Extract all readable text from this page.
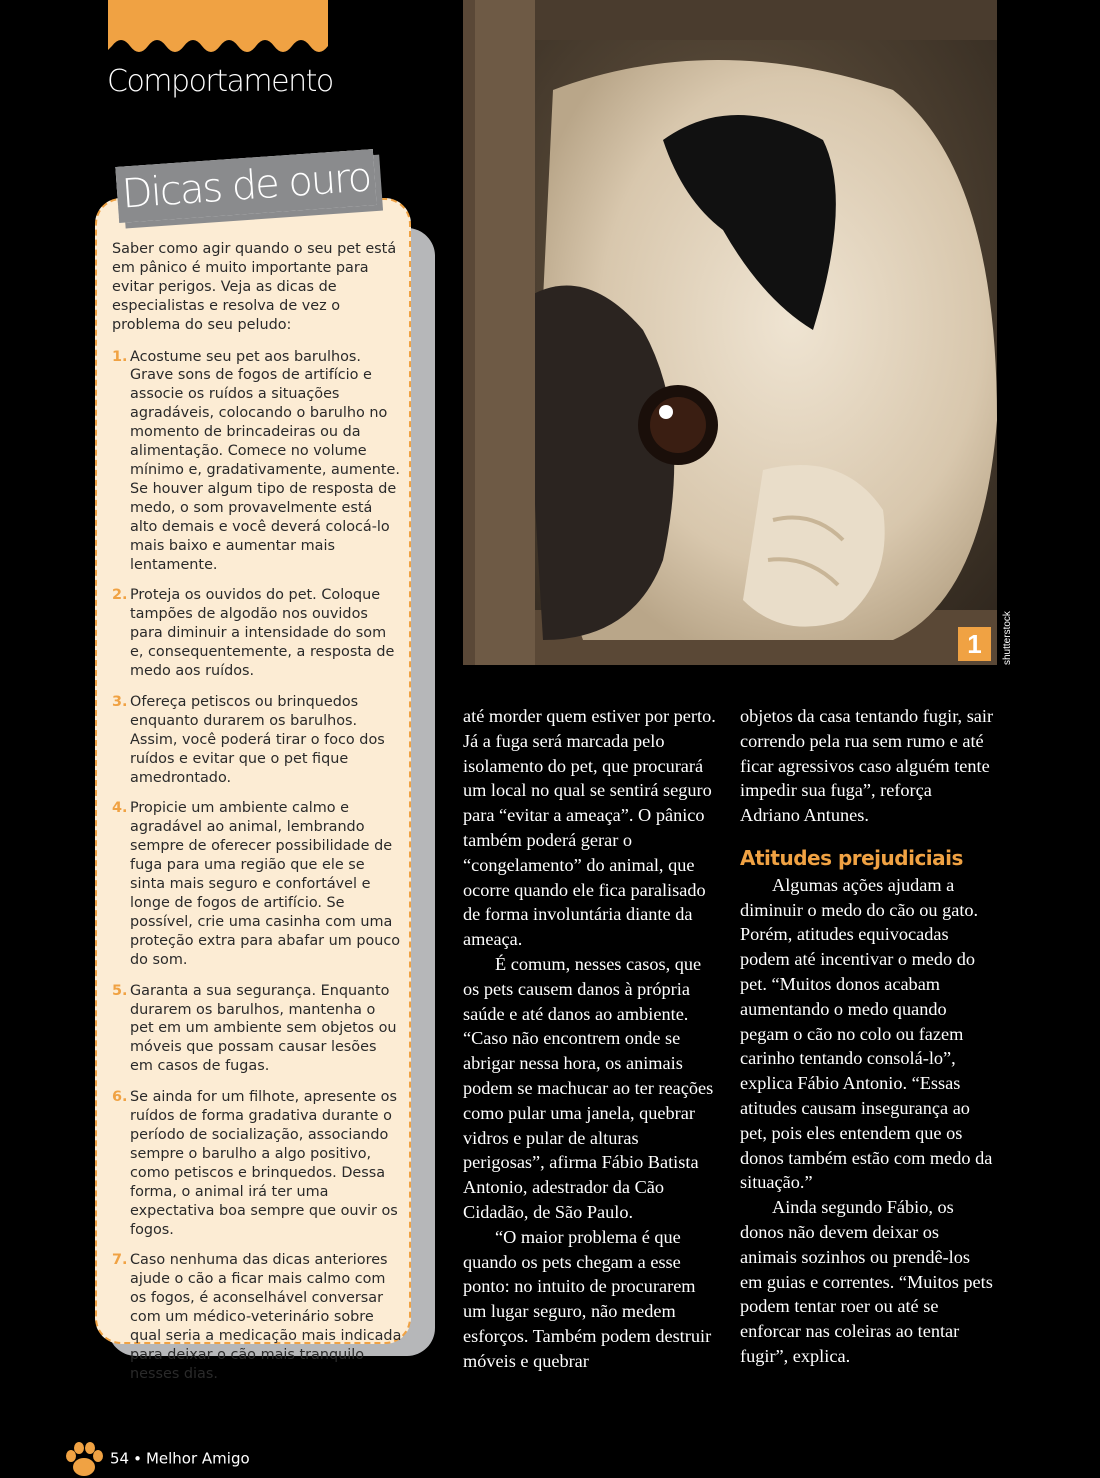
Comportamento
Dicas de ouro

Saber como agir quando o seu pet está em pânico é muito importante para evitar perigos. Veja as dicas de especialistas e resolva de vez o problema do seu peludo:

1. Acostume seu pet aos barulhos. Grave sons de fogos de artifício e associe os ruídos a situações agradáveis, colocando o barulho no momento de brincadeiras ou da alimentação. Comece no volume mínimo e, gradativamente, aumente. Se houver algum tipo de resposta de medo, o som provavelmente está alto demais e você deverá colocá-lo mais baixo e aumentar mais lentamente.
2. Proteja os ouvidos do pet. Coloque tampões de algodão nos ouvidos para diminuir a intensidade do som e, consequentemente, a resposta de medo aos ruídos.
3. Ofereça petiscos ou brinquedos enquanto durarem os barulhos. Assim, você poderá tirar o foco dos ruídos e evitar que o pet fique amedrontado.
4. Propicie um ambiente calmo e agradável ao animal, lembrando sempre de oferecer possibilidade de fuga para uma região que ele se sinta mais seguro e confortável e longe de fogos de artifício. Se possível, crie uma casinha com uma proteção extra para abafar um pouco do som.
5. Garanta a sua segurança. Enquanto durarem os barulhos, mantenha o pet em um ambiente sem objetos ou móveis que possam causar lesões em casos de fugas.
6. Se ainda for um filhote, apresente os ruídos de forma gradativa durante o período de socialização, associando sempre o barulho a algo positivo, como petiscos e brinquedos. Dessa forma, o animal irá ter uma expectativa boa sempre que ouvir os fogos.
7. Caso nenhuma das dicas anteriores ajude o cão a ficar mais calmo com os fogos, é aconselhável conversar com um médico-veterinário sobre qual seria a medicação mais indicada para deixar o cão mais tranquilo nesses dias.
1	shutterstock

até morder quem estiver por perto. Já a fuga será marcada pelo isolamento do pet, que procurará um local no qual se sentirá seguro para “evitar a ameaça”. O pânico também poderá gerar o “congelamento” do animal, que ocorre quando ele fica paralisado de forma involuntária diante da ameaça.

É comum, nesses casos, que os pets causem danos à própria saúde e até danos ao ambiente. “Caso não encontrem onde se abrigar nessa hora, os animais podem se machucar ao ter reações como pular uma janela, quebrar vidros e pular de alturas perigosas”, afirma Fábio Batista Antonio, adestrador da Cão Cidadão, de São Paulo.

“O maior problema é que quando os pets chegam a esse ponto: no intuito de procurarem um lugar seguro, não medem esforços. Também podem destruir móveis e quebrar

objetos da casa tentando fugir, sair correndo pela rua sem rumo e até ficar agressivos caso alguém tente impedir sua fuga”, reforça Adriano Antunes.

Atitudes prejudiciais

Algumas ações ajudam a diminuir o medo do cão ou gato. Porém, atitudes equivocadas podem até incentivar o medo do pet. “Muitos donos acabam aumentando o medo quando pegam o cão no colo ou fazem carinho tentando consolá-lo”, explica Fábio Antonio. “Essas atitudes causam insegurança ao pet, pois eles entendem que os donos também estão com medo da situação.”

Ainda segundo Fábio, os donos não devem deixar os animais sozinhos ou prendê-los em guias e correntes. “Muitos pets podem tentar roer ou até se enforcar nas coleiras ao tentar fugir”, explica.

54 • Melhor Amigo
